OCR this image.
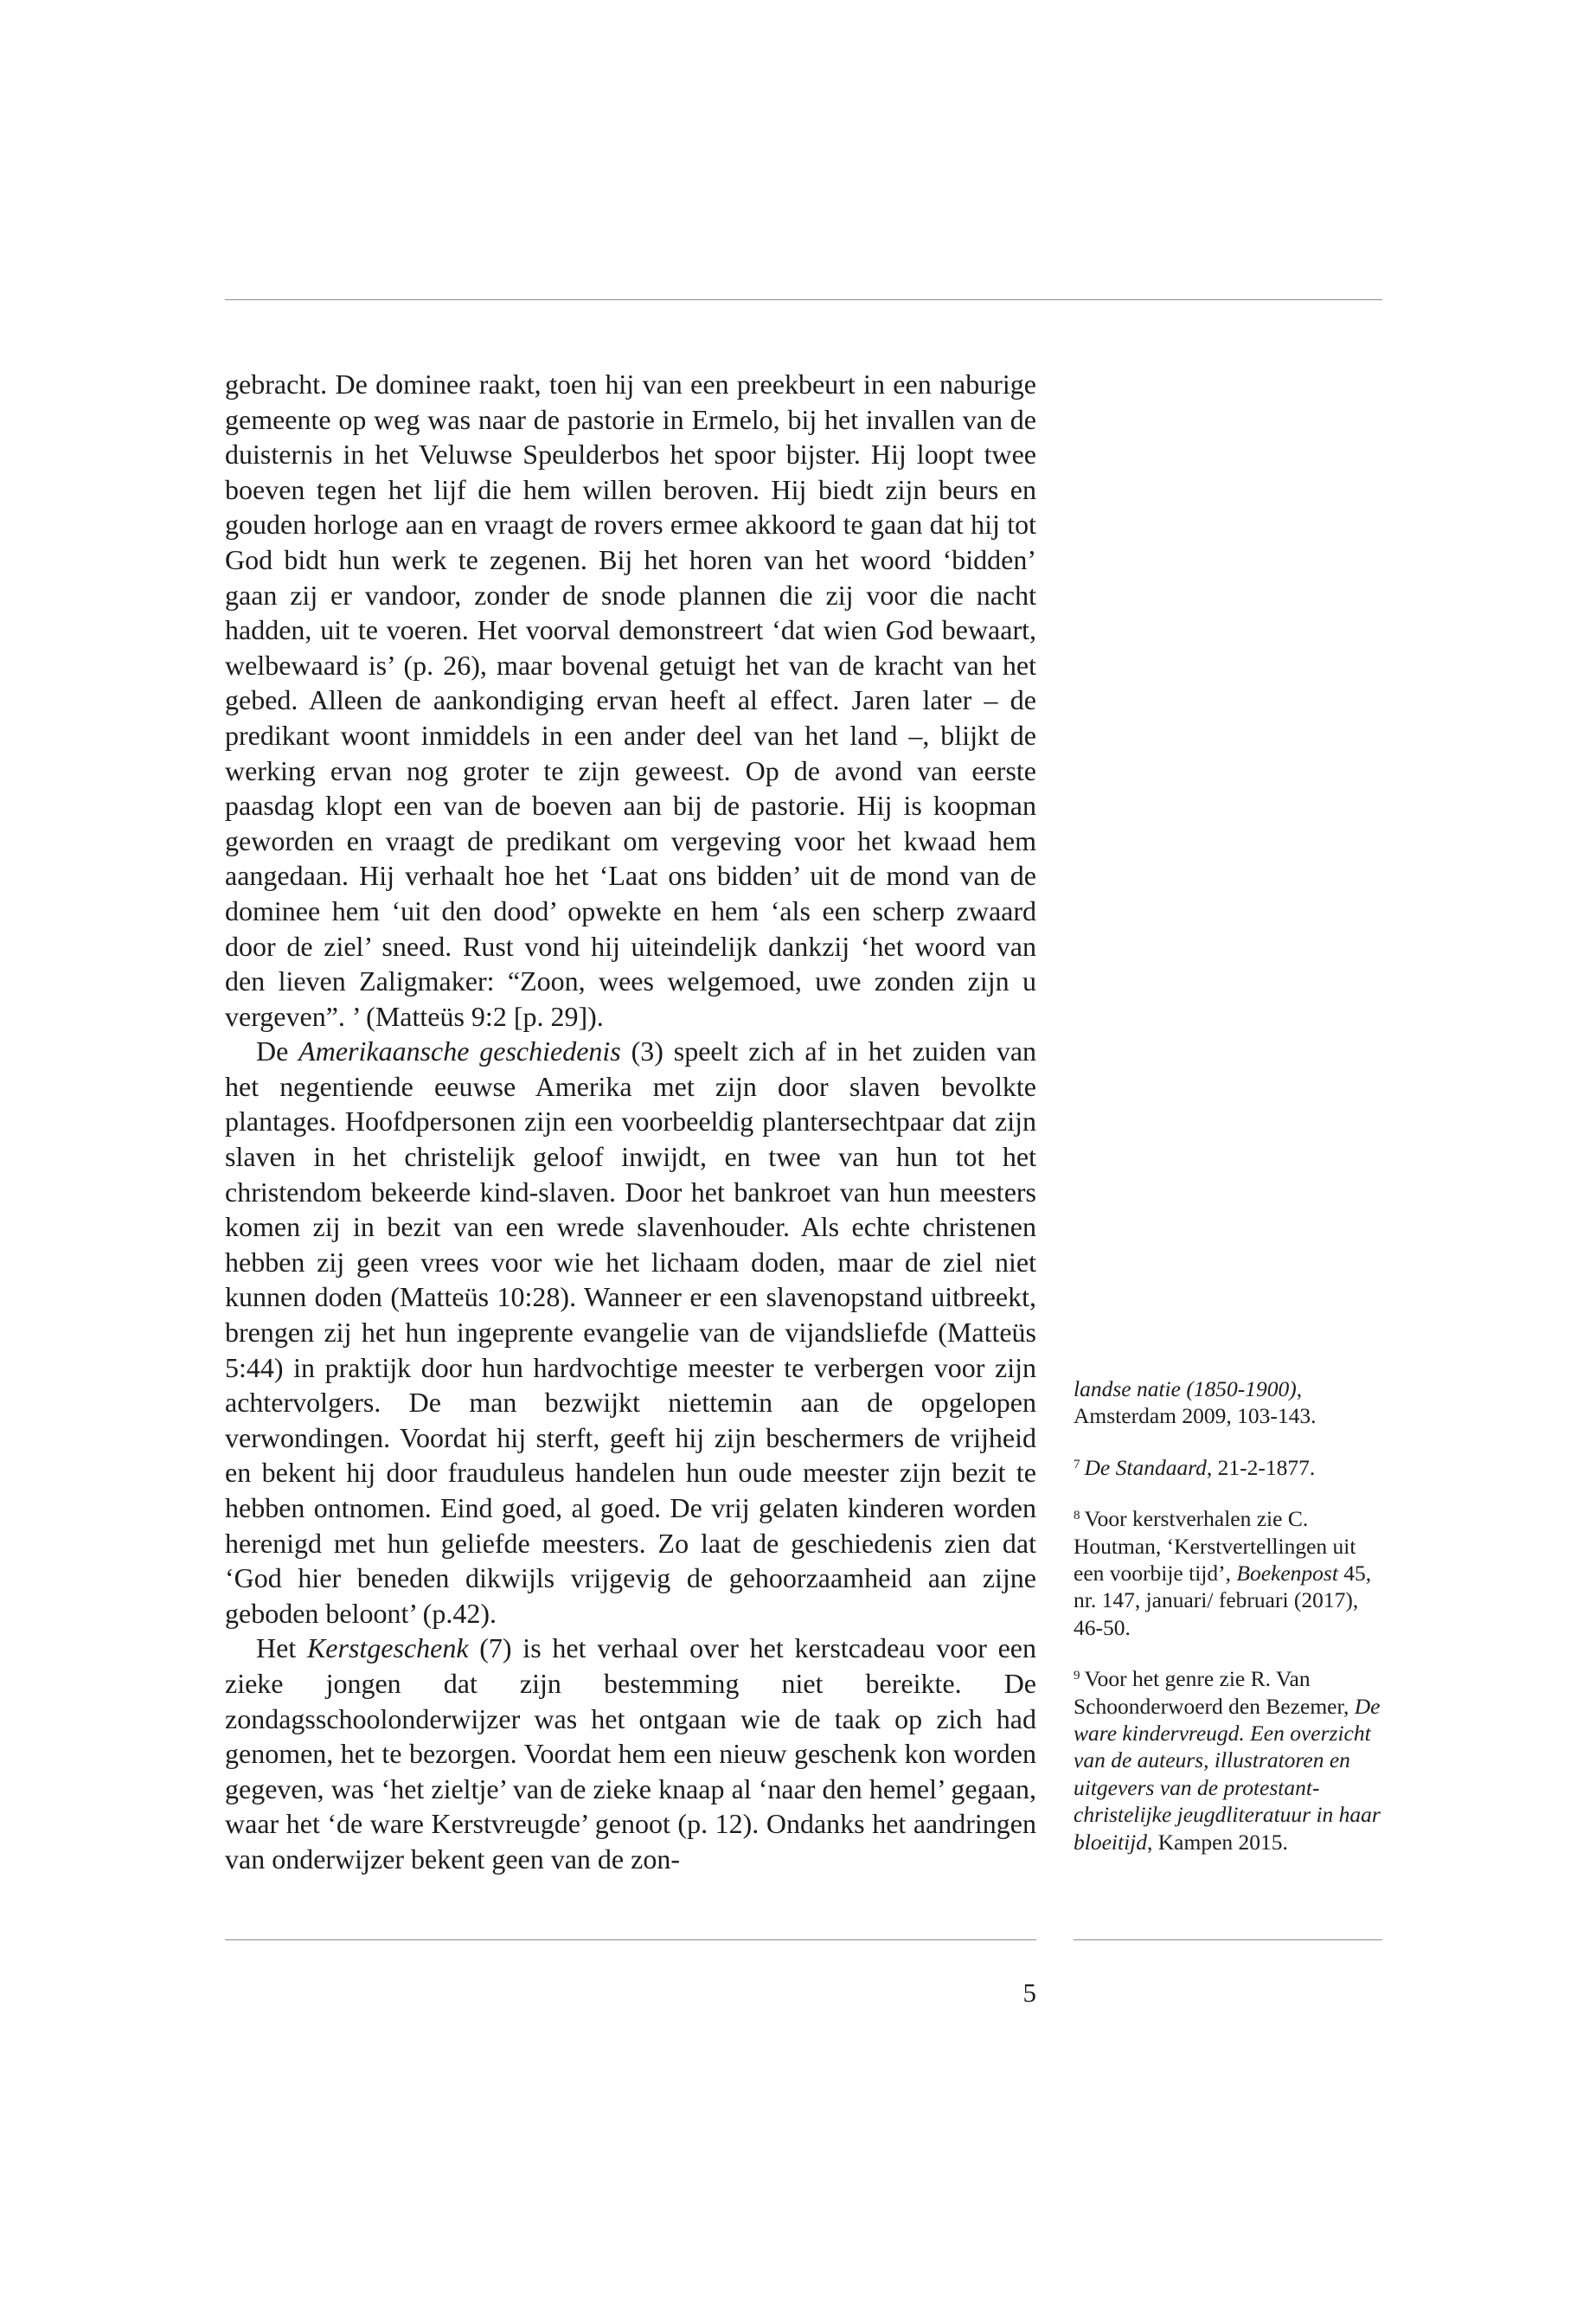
gebracht. De dominee raakt, toen hij van een preekbeurt in een naburige gemeente op weg was naar de pastorie in Ermelo, bij het invallen van de duisternis in het Veluwse Speulderbos het spoor bijster. Hij loopt twee boeven tegen het lijf die hem willen beroven. Hij biedt zijn beurs en gouden horloge aan en vraagt de rovers ermee akkoord te gaan dat hij tot God bidt hun werk te zegenen. Bij het horen van het woord ‘bidden’ gaan zij er vandoor, zonder de snode plannen die zij voor die nacht hadden, uit te voeren. Het voorval demonstreert ‘dat wien God bewaart, welbewaard is’ (p. 26), maar bovenal getuigt het van de kracht van het gebed. Alleen de aankondiging ervan heeft al effect. Jaren later – de predikant woont inmiddels in een ander deel van het land –, blijkt de werking ervan nog groter te zijn geweest. Op de avond van eerste paasdag klopt een van de boeven aan bij de pastorie. Hij is koopman geworden en vraagt de predikant om vergeving voor het kwaad hem aangedaan. Hij verhaalt hoe het ‘Laat ons bidden’ uit de mond van de dominee hem ‘uit den dood’ opwekte en hem ‘als een scherp zwaard door de ziel’ sneed. Rust vond hij uiteindelijk dankzij ‘het woord van den lieven Zaligmaker: “Zoon, wees welgemoed, uwe zonden zijn u vergeven”. ’ (Matteüs 9:2 [p. 29]).

De Amerikaansche geschiedenis (3) speelt zich af in het zuiden van het negentiende eeuwse Amerika met zijn door slaven bevolkte plantages. Hoofdpersonen zijn een voorbeeldig plantersechtpaar dat zijn slaven in het christelijk geloof inwijdt, en twee van hun tot het christendom bekeerde kind-slaven. Door het bankroet van hun meesters komen zij in bezit van een wrede slavenhouder. Als echte christenen hebben zij geen vrees voor wie het lichaam doden, maar de ziel niet kunnen doden (Matteüs 10:28). Wanneer er een slavenopstand uitbreekt, brengen zij het hun ingeprente evangelie van de vijandsliefde (Matteüs 5:44) in praktijk door hun hardvochtige meester te verbergen voor zijn achtervolgers. De man bezwijkt niettemin aan de opgelopen verwondingen. Voordat hij sterft, geeft hij zijn beschermers de vrijheid en bekent hij door frauduleus handelen hun oude meester zijn bezit te hebben ontnomen. Eind goed, al goed. De vrij gelaten kinderen worden herenigd met hun geliefde meesters. Zo laat de geschiedenis zien dat ‘God hier beneden dikwijls vrijgevig de gehoorzaamheid aan zijne geboden beloont’ (p.42).

Het Kerstgeschenk (7) is het verhaal over het kerstcadeau voor een zieke jongen dat zijn bestemming niet bereikte. De zondagsschoolonderwijzer was het ontgaan wie de taak op zich had genomen, het te bezorgen. Voordat hem een nieuw geschenk kon worden gegeven, was ‘het zieltje’ van de zieke knaap al ‘naar den hemel’ gegaan, waar het ‘de ware Kerstvreugde’ genoot (p. 12). Ondanks het aandringen van onderwijzer bekent geen van de zon-

landse natie (1850-1900), Amsterdam 2009, 103-143.

$^7$ De Standaard, 21-2-1877.

$^8$ Voor kerstverhalen zie C. Houtman, ‘Kerstvertellingen uit een voorbije tijd’, Boekenpost 45, nr. 147, januari/ februari (2017), 46-50.

$^9$ Voor het genre zie R. Van Schoonderwoerd den Bezemer, De ware kindervreugd. Een overzicht van de auteurs, illustratoren en uitgevers van de protestant-christelijke jeugdliteratuur in haar bloeitijd, Kampen 2015.

5
